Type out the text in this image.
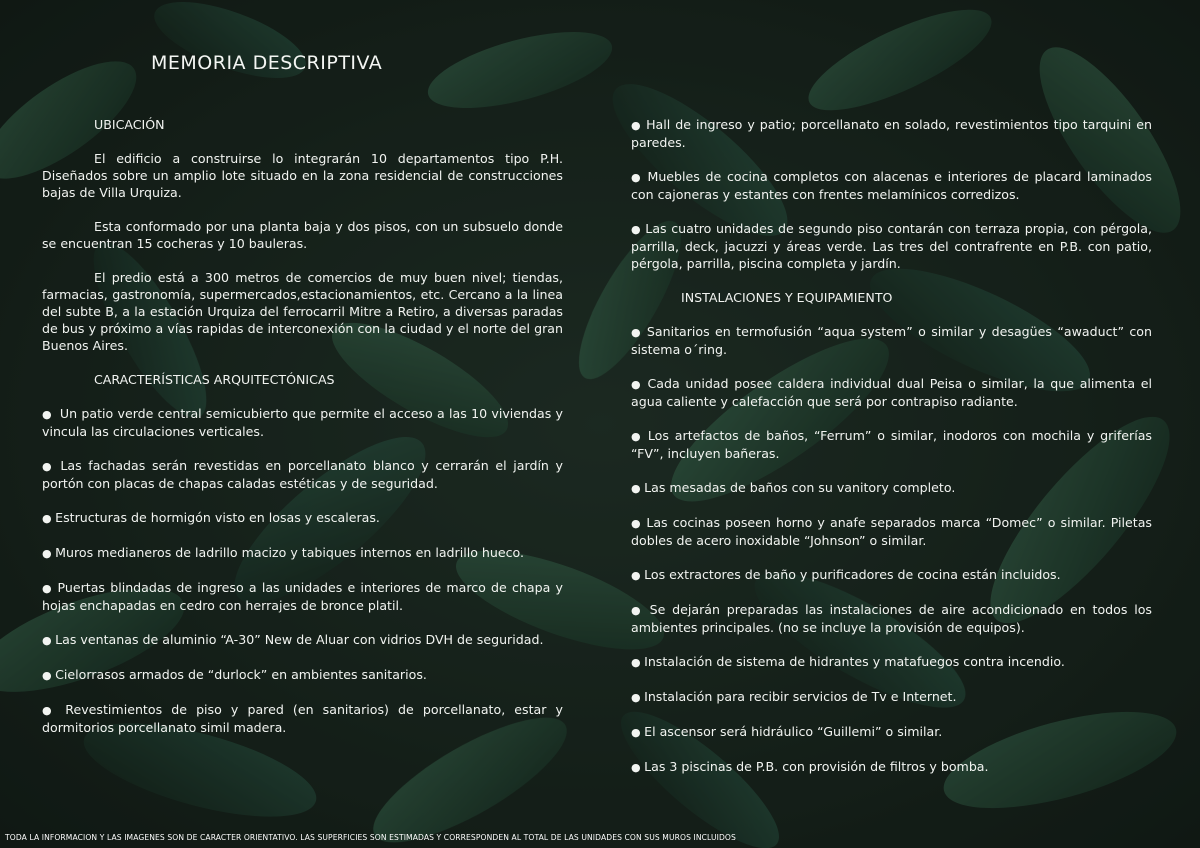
MEMORIA DESCRIPTIVA
UBICACIÓN

El edificio a construirse lo integrarán 10 departamentos tipo P.H. Diseñados sobre un amplio lote situado en la zona residencial de construcciones bajas de Villa Urquiza.

Esta conformado por una planta baja y dos pisos, con un subsuelo donde se encuentran 15 cocheras y 10 bauleras.

El predio está a 300 metros de comercios de muy buen nivel; tiendas, farmacias, gastronomía, supermercados,estacionamientos, etc. Cercano a la linea del subte B, a la estación Urquiza del ferrocarril Mitre a Retiro, a diversas paradas de bus y próximo a vías rapidas de interconexión con la ciudad y el norte del gran Buenos Aires.

CARACTERÍSTICAS ARQUITECTÓNICAS

●  Un patio verde central semicubierto que permite el acceso a las 10 viviendas y vincula las circulaciones verticales.

● Las fachadas serán revestidas en porcellanato blanco y cerrarán el jardín y portón con placas de chapas caladas estéticas y de seguridad.

● Estructuras de hormigón visto en losas y escaleras.

● Muros medianeros de ladrillo macizo y tabiques internos en ladrillo hueco.

● Puertas blindadas de ingreso a las unidades e interiores de marco de chapa y hojas enchapadas en cedro con herrajes de bronce platil.

● Las ventanas de aluminio “A-30” New de Aluar con vidrios DVH de seguridad.

● Cielorrasos armados de “durlock” en ambientes sanitarios.

● Revestimientos de piso y pared (en sanitarios) de porcellanato, estar y dormitorios porcellanato simil madera.

● Hall de ingreso y patio; porcellanato en solado, revestimientos tipo tarquini en paredes.

● Muebles de cocina completos con alacenas e interiores de placard laminados con cajoneras y estantes con frentes melamínicos corredizos.

● Las cuatro unidades de segundo piso contarán con terraza propia, con pérgola, parrilla, deck, jacuzzi y áreas verde. Las tres del contrafrente en P.B. con patio, pérgola, parrilla, piscina completa y jardín.

INSTALACIONES Y EQUIPAMIENTO

● Sanitarios en termofusión “aqua system” o similar y desagües “awaduct” con sistema o´ring.

● Cada unidad posee caldera individual dual Peisa o similar, la que alimenta el agua caliente y calefacción que será por contrapiso radiante.

● Los artefactos de baños, “Ferrum” o similar, inodoros con mochila y griferías “FV”, incluyen bañeras.

● Las mesadas de baños con su vanitory completo.

● Las cocinas poseen horno y anafe separados marca “Domec” o similar. Piletas dobles de acero inoxidable “Johnson” o similar.

● Los extractores de baño y purificadores de cocina están incluidos.

● Se dejarán preparadas las instalaciones de aire acondicionado en todos los ambientes principales. (no se incluye la provisión de equipos).

● Instalación de sistema de hidrantes y matafuegos contra incendio.

● Instalación para recibir servicios de Tv e Internet.

● El ascensor será hidráulico “Guillemi” o similar.

● Las 3 piscinas de P.B. con provisión de filtros y bomba.

TODA LA INFORMACION Y LAS IMAGENES SON DE CARACTER ORIENTATIVO. LAS SUPERFICIES SON ESTIMADAS Y CORRESPONDEN AL TOTAL DE LAS UNIDADES CON SUS MUROS INCLUIDOS
